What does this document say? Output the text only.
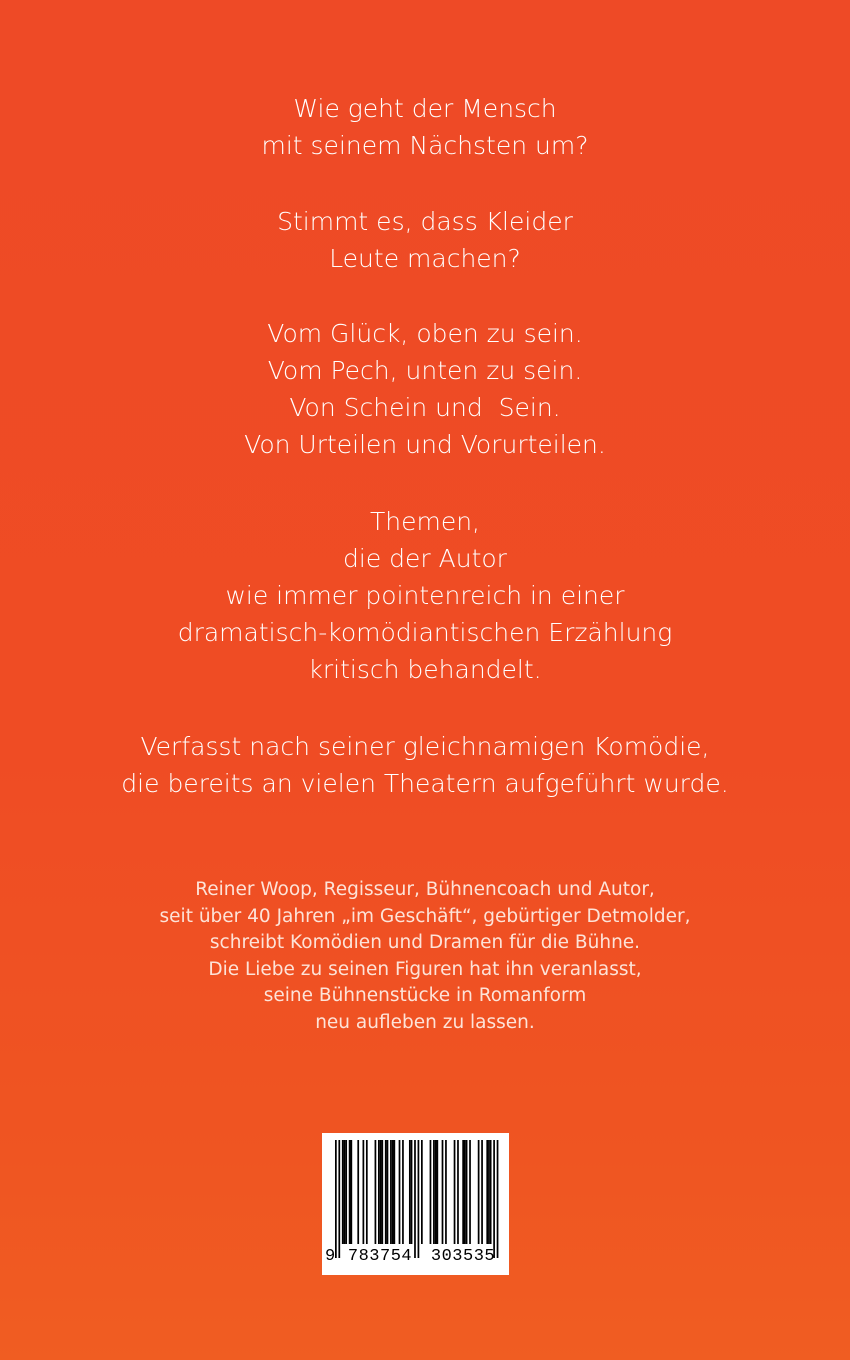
Wie geht der Mensch
mit seinem Nächsten um?
Stimmt es, dass Kleider
Leute machen?
Vom Glück, oben zu sein.
Vom Pech, unten zu sein.
Von Schein und  Sein.
Von Urteilen und Vorurteilen.
Themen,
die der Autor
wie immer pointenreich in einer
dramatisch-komödiantischen Erzählung
kritisch behandelt.
Verfasst nach seiner gleichnamigen Komödie,
die bereits an vielen Theatern aufgeführt wurde.
Reiner Woop, Regisseur, Bühnencoach und Autor,
seit über 40 Jahren „im Geschäft“, gebürtiger Detmolder,
schreibt Komödien und Dramen für die Bühne.
Die Liebe zu seinen Figuren hat ihn veranlasst,
seine Bühnenstücke in Romanform
neu aufleben zu lassen.
9 783754	303535
